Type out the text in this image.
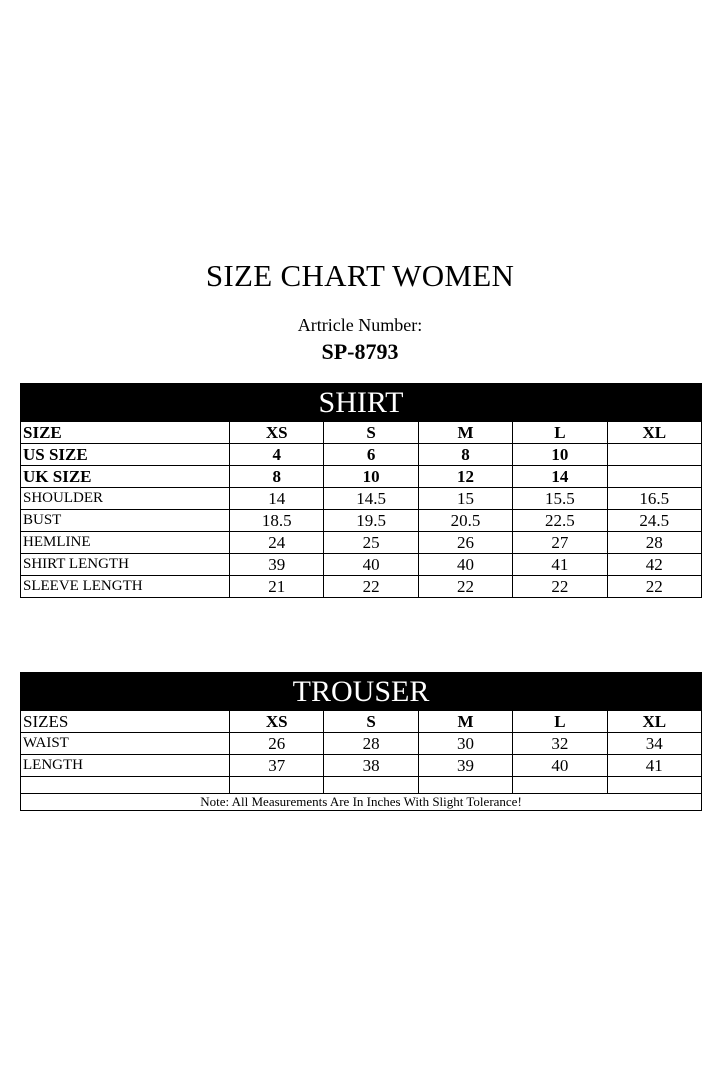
SIZE CHART WOMEN
Artricle Number:
SP-8793
SHIRT					
SIZE	XS	S	M	L	XL
US SIZE	4	6	8	10	
UK SIZE	8	10	12	14	
SHOULDER	14	14.5	15	15.5	16.5
BUST	18.5	19.5	20.5	22.5	24.5
HEMLINE	24	25	26	27	28
SHIRT LENGTH	39	40	40	41	42
SLEEVE LENGTH	21	22	22	22	22
TROUSER					
SIZES	XS	S	M	L	XL
WAIST	26	28	30	32	34
LENGTH	37	38	39	40	41

Note: All Measurements Are In Inches With Slight Tolerance!					
